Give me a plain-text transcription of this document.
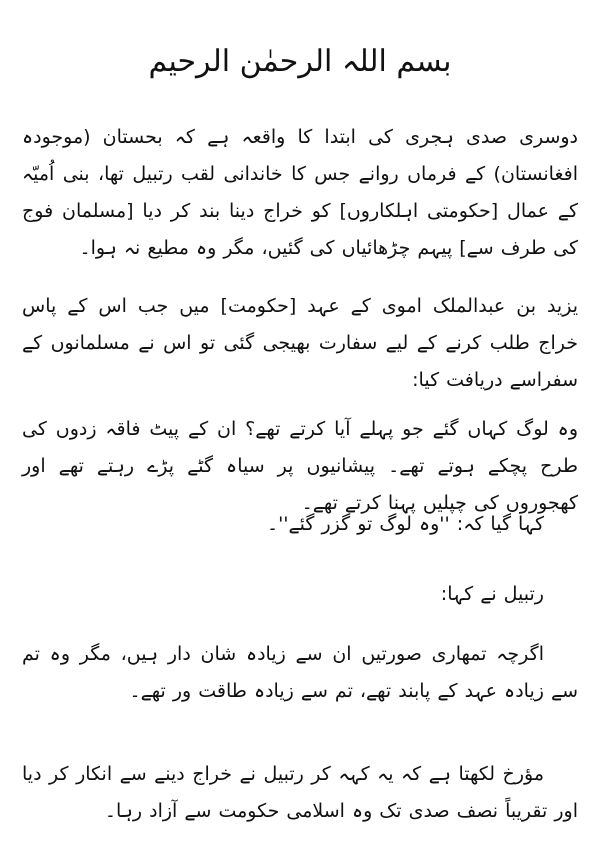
بسم اللہ الرحمٰن الرحیم

دوسری صدی ہجری کی ابتدا کا واقعہ ہے کہ بحستان (موجودہ افغانستان) کے فرماں روانے جس کا خاندانی لقب رتبیل تھا، بنی اُمیّہ کے عمال [حکومتی اہلکاروں] کو خراج دینا بند کر دیا [مسلمان فوج کی طرف سے] پیہم چڑھائیاں کی گئیں، مگر وہ مطیع نہ ہوا۔

یزید بن عبدالملک اموی کے عہد [حکومت] میں جب اس کے پاس خراج طلب کرنے کے لیے سفارت بھیجی گئی تو اس نے مسلمانوں کے سفراسے دریافت کیا:

وہ لوگ کہاں گئے جو پہلے آیا کرتے تھے؟ ان کے پیٹ فاقہ زدوں کی طرح پچکے ہوتے تھے۔ پیشانیوں پر سیاہ گٹے پڑے رہتے تھے اور کھجوروں کی چپلیں پہنا کرتے تھے۔

کہا گیا کہ: ''وہ لوگ تو گزر گئے''۔

رتبیل نے کہا:

اگرچہ تمھاری صورتیں ان سے زیادہ شان دار ہیں، مگر وہ تم سے زیادہ عہد کے پابند تھے، تم سے زیادہ طاقت ور تھے۔

مؤرخ لکھتا ہے کہ یہ کہہ کر رتبیل نے خراج دینے سے انکار کر دیا اور تقریباً نصف صدی تک وہ اسلامی حکومت سے آزاد رہا۔
